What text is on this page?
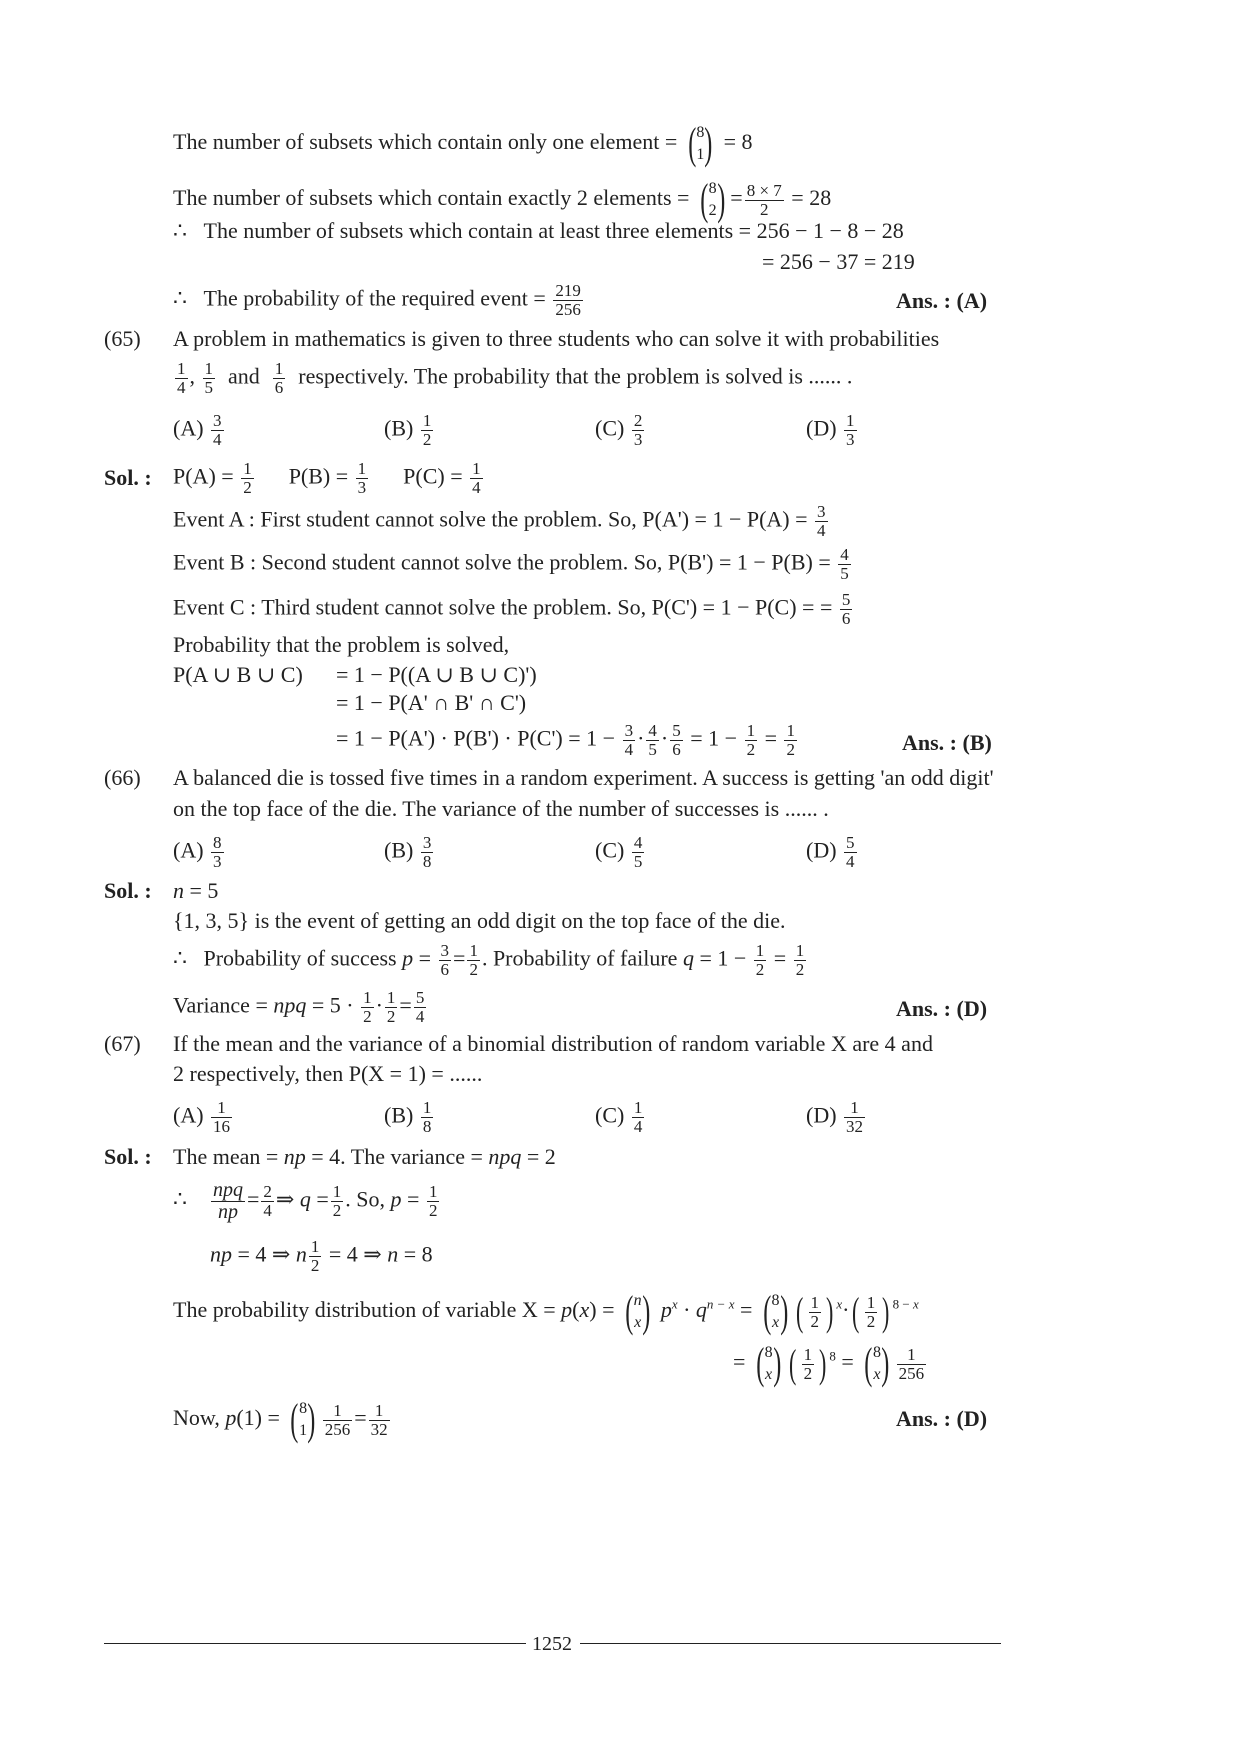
The number of subsets which contain only one element = ( 8
1 ) = 8
The number of subsets which contain exactly 2 elements = ( 8
2 ) = $\frac{8 \times 7}{2} = 28$
∴ The number of subsets which contain at least three elements = 256 − 1 − 8 − 28
= 256 − 37 = 219
∴ The probability of the required event = $\frac{219}{256}$	Ans. : (A)
(65) A problem in mathematics is given to three students who can solve it with probabilities
$\frac{1}{4}$ , $\frac{1}{5}$ and $\frac{1}{6}$ respectively. The probability that the problem is solved is ...... .
$(A) \frac{3}{4}$	$(B) \frac{1}{2}$	$(C) \frac{2}{3}$	$(D) \frac{1}{3}$
Sol. : $P(A) = \frac{1}{2} P(B) = \frac{1}{3} P(C) = \frac{1}{4}$
Event A : First student cannot solve the problem. So, $P(A') = 1 - P(A) = \frac{3}{4}$
Event B : Second student cannot solve the problem. So, $P(B') = 1 - P(B) = \frac{4}{5}$
Event C : Third student cannot solve the problem. So, P(C') = 1 − P(C) = = $\frac{5}{6}$
Probability that the problem is solved,
P(A ∪ B ∪ C) = 1 − P((A ∪ B ∪ C)')
= 1 − P(A' ∩ B' ∩ C')
= $1 - P(A') \cdot P(B') \cdot P(C') = 1 - \frac{3}{4} \cdot \frac{4}{5} \cdot \frac{5}{6} = 1 - \frac{1}{2} = \frac{1}{2}$	Ans. : (B)
(66) A balanced die is tossed five times in a random experiment. A success is getting 'an odd digit'
on the top face of the die. The variance of the number of successes is ...... .
$(A) \frac{8}{3}$	$(B) \frac{3}{8}$	$(C) \frac{4}{5}$	$(D) \frac{5}{4}$
Sol. : n = 5
{1, 3, 5} is the event of getting an odd digit on the top face of the die.
∴   Probability of success $p = \frac{3}{6} = \frac{1}{2}$ . Probability of failure $q = 1 - \frac{1}{2} = \frac{1}{2}$
Variance = npq = $5 \cdot \frac{1}{2} \cdot \frac{1}{2} = \frac{5}{4}$	Ans. : (D)
(67) If the mean and the variance of a binomial distribution of random variable X are 4 and
2 respectively, then P(X = 1) = ......
$(A) \frac{1}{16}$	$(B) \frac{1}{8}$	$(C) \frac{1}{4}$	$(D) \frac{1}{32}$
Sol. : The mean = np = 4. The variance = npq = 2
∴ npq
np
= $\frac{2}{4}$ ⇒ $q = \frac{1}{2}$ . So, $p = \frac{1}{2}$
np = 4 ⇒ n $\frac{1}{2} = 4$ ⇒ n = 8
The probability distribution of variable X = p(x) = ( n
x ) $p^x \cdot q^{n - x}$ = ( 8
x ) ( 1
2 ) $^x$· ( 1
2 ) $^{8 - x}$
= ( 8
x ) ( 1
2 ) $^8$ = ( 8
x ) $\frac{1}{256}$
Now, p(1) = ( 8
1 ) $\frac{1}{256} = \frac{1}{32}$	Ans. : (D)
1252
